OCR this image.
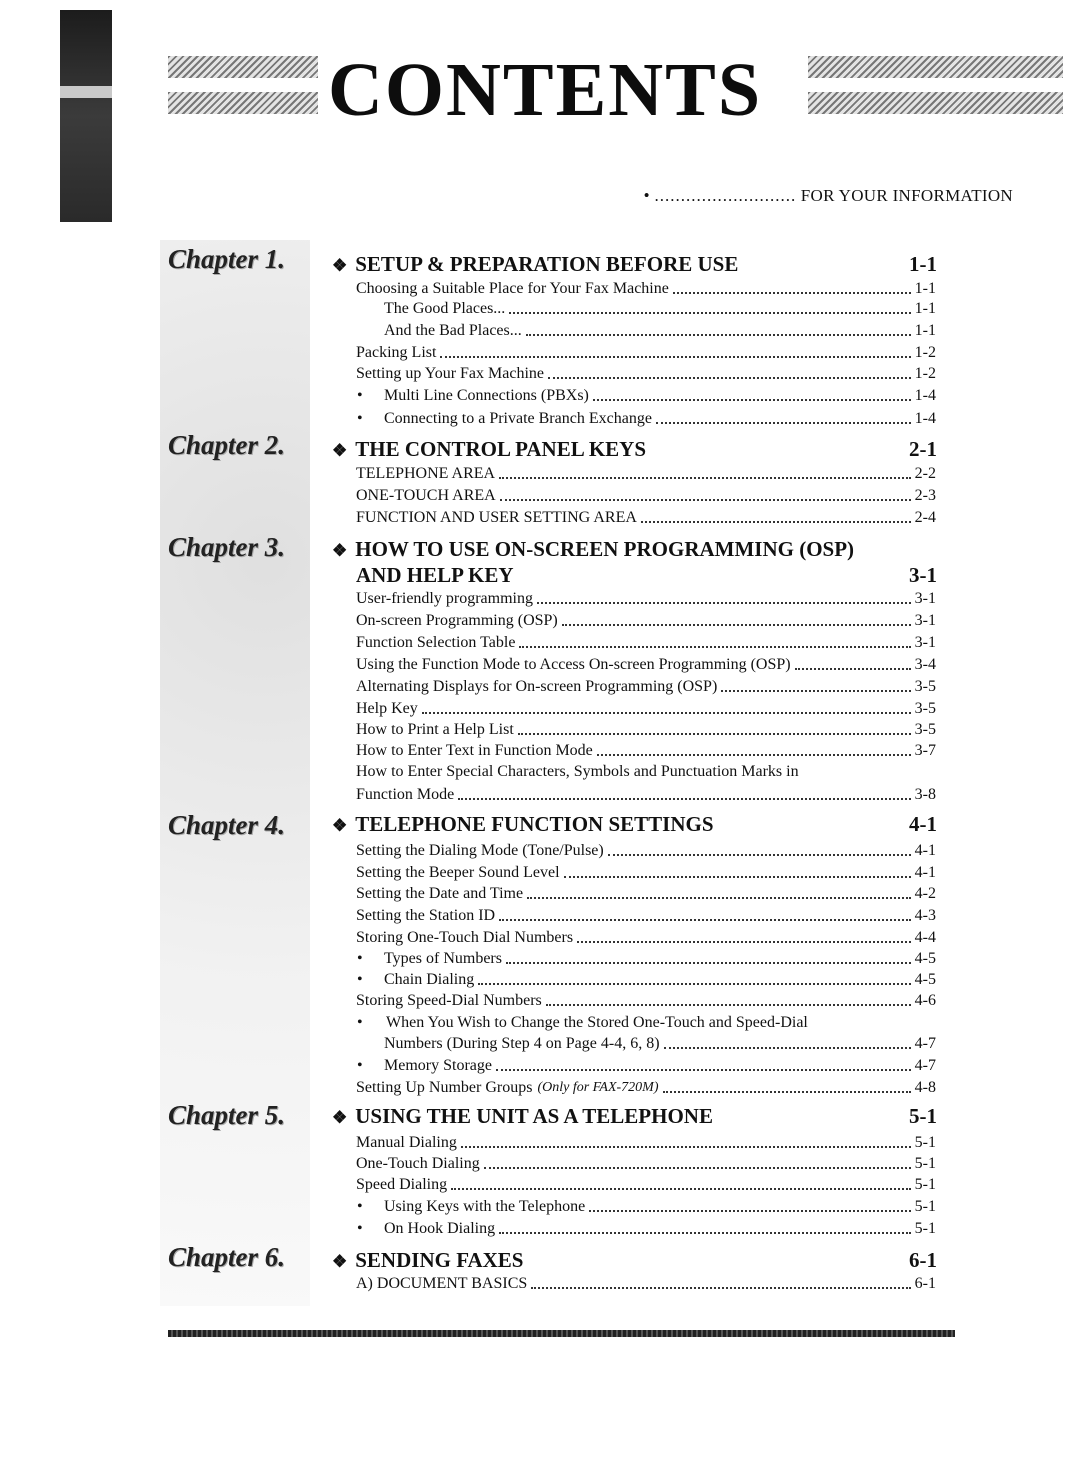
CONTENTS
• ........................... FOR YOUR INFORMATION
Chapter 1.
Chapter 2.
Chapter 3.
Chapter 4.
Chapter 5.
Chapter 6.
❖ SETUP & PREPARATION BEFORE USE	1-1
Choosing a Suitable Place for Your Fax Machine	1-1
The Good Places...	1-1
And the Bad Places...	1-1
Packing List	1-2
Setting up Your Fax Machine	1-2
• Multi Line Connections (PBXs)	1-4
• Connecting to a Private Branch Exchange	1-4
❖ THE CONTROL PANEL KEYS	2-1
TELEPHONE AREA	2-2
ONE-TOUCH AREA	2-3
FUNCTION AND USER SETTING AREA	2-4
❖ HOW TO USE ON-SCREEN PROGRAMMING (OSP)
AND HELP KEY	3-1
User-friendly programming	3-1
On-screen Programming (OSP)	3-1
Function Selection Table	3-1
Using the Function Mode to Access On-screen Programming (OSP)	3-4
Alternating Displays for On-screen Programming (OSP)	3-5
Help Key	3-5
How to Print a Help List	3-5
How to Enter Text in Function Mode	3-7
How to Enter Special Characters, Symbols and Punctuation Marks in
Function Mode	3-8
❖ TELEPHONE FUNCTION SETTINGS	4-1
Setting the Dialing Mode (Tone/Pulse)	4-1
Setting the Beeper Sound Level	4-1
Setting the Date and Time	4-2
Setting the Station ID	4-3
Storing One-Touch Dial Numbers	4-4
• Types of Numbers	4-5
• Chain Dialing	4-5
Storing Speed-Dial Numbers	4-6
• When You Wish to Change the Stored One-Touch and Speed-Dial
Numbers (During Step 4 on Page 4-4, 6, 8)	4-7
• Memory Storage	4-7
Setting Up Number Groups (Only for FAX-720M)	4-8
❖ USING THE UNIT AS A TELEPHONE	5-1
Manual Dialing	5-1
One-Touch Dialing	5-1
Speed Dialing	5-1
• Using Keys with the Telephone	5-1
• On Hook Dialing	5-1
❖ SENDING FAXES	6-1
A) DOCUMENT BASICS	6-1
